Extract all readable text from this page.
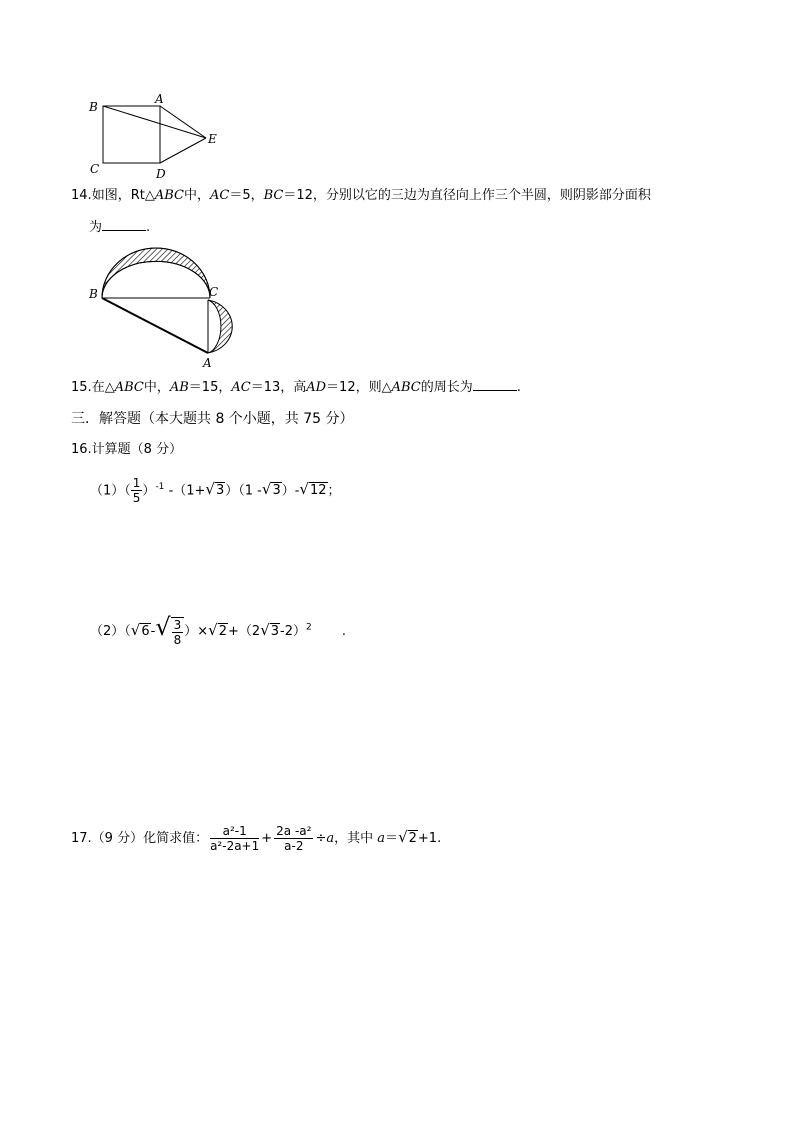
B
A
E
C	D
14.如图，Rt△ABC中，AC＝5，BC＝12，分别以它的三边为直径向上作三个半圆，则阴影部分面积
为	.
B	C
A
15.在△ABC中，AB＝15，AC＝13，高AD＝12，则△ABC的周长为	.
三．解答题（本大题共 8 个小题，共 75 分）
16.计算题（8 分）
$(1)( \frac{1}{5} )^{-1}$ -（1+√3）（1 -√3）-√12；
$(2)(√6-√ \frac{3}{8} )\times√2+(2√3-2)^2$ .
17.（9 分）化简求值： $\frac{\text{a²-1}}{\text{a²-2a+1}} + \frac{\text{2a -a²}}{a-2} \div a$，其中 a＝√2+1.
